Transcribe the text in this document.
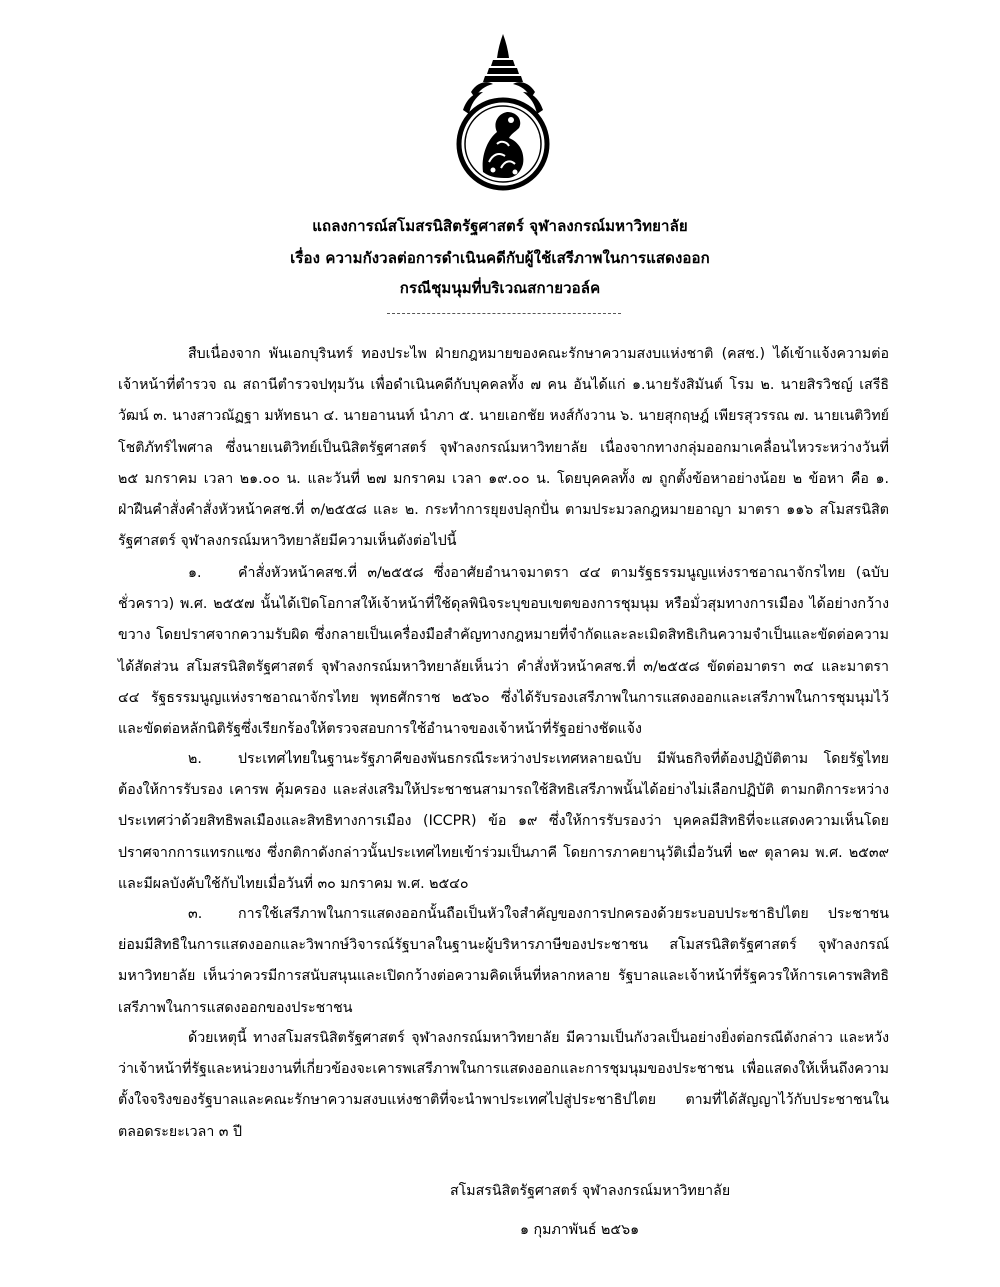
แถลงการณ์สโมสรนิสิตรัฐศาสตร์ จุฬาลงกรณ์มหาวิทยาลัย
เรื่อง ความกังวลต่อการดำเนินคดีกับผู้ใช้เสรีภาพในการแสดงออก
กรณีชุมนุมที่บริเวณสกายวอล์ค

สืบเนื่องจาก พันเอกบุรินทร์ ทองประไพ ฝ่ายกฎหมายของคณะรักษาความสงบแห่งชาติ (คสช.) ได้เข้าแจ้งความต่อเจ้าหน้าที่ตำรวจ ณ สถานีตำรวจปทุมวัน เพื่อดำเนินคดีกับบุคคลทั้ง ๗ คน อันได้แก่ ๑.นายรังสิมันต์ โรม ๒. นายสิรวิชญ์ เสรีธิวัฒน์ ๓. นางสาวณัฏฐา มหัทธนา ๔. นายอานนท์ นำภา ๕. นายเอกชัย หงส์กังวาน ๖. นายสุกฤษฎ์ เพียรสุวรรณ ๗. นายเนติวิทย์ โชติภัทร์ไพศาล ซึ่งนายเนติวิทย์เป็นนิสิตรัฐศาสตร์ จุฬาลงกรณ์มหาวิทยาลัย เนื่องจากทางกลุ่มออกมาเคลื่อนไหวระหว่างวันที่ ๒๕ มกราคม เวลา ๒๑.๐๐ น. และวันที่ ๒๗ มกราคม เวลา ๑๙.๐๐ น. โดยบุคคลทั้ง ๗ ถูกตั้งข้อหาอย่างน้อย ๒ ข้อหา คือ ๑. ฝ่าฝืนคำสั่งคำสั่งหัวหน้าคสช.ที่ ๓/๒๕๕๘ และ ๒. กระทำการยุยงปลุกปั่น ตามประมวลกฎหมายอาญา มาตรา ๑๑๖ สโมสรนิสิตรัฐศาสตร์ จุฬาลงกรณ์มหาวิทยาลัยมีความเห็นดังต่อไปนี้

๑.	คำสั่งหัวหน้าคสช.ที่ ๓/๒๕๕๘ ซึ่งอาศัยอำนาจมาตรา ๔๔ ตามรัฐธรรมนูญแห่งราชอาณาจักรไทย (ฉบับชั่วคราว) พ.ศ. ๒๕๕๗ นั้นได้เปิดโอกาสให้เจ้าหน้าที่ใช้ดุลพินิจระบุขอบเขตของการชุมนุม หรือมั่วสุมทางการเมือง ได้อย่างกว้างขวาง โดยปราศจากความรับผิด ซึ่งกลายเป็นเครื่องมือสำคัญทางกฎหมายที่จำกัดและละเมิดสิทธิเกินความจำเป็นและขัดต่อความได้สัดส่วน สโมสรนิสิตรัฐศาสตร์ จุฬาลงกรณ์มหาวิทยาลัยเห็นว่า คำสั่งหัวหน้าคสช.ที่ ๓/๒๕๕๘ ขัดต่อมาตรา ๓๔ และมาตรา ๔๔ รัฐธรรมนูญแห่งราชอาณาจักรไทย พุทธศักราช ๒๕๖๐ ซึ่งได้รับรองเสรีภาพในการแสดงออกและเสรีภาพในการชุมนุมไว้ และขัดต่อหลักนิติรัฐซึ่งเรียกร้องให้ตรวจสอบการใช้อำนาจของเจ้าหน้าที่รัฐอย่างชัดแจ้ง

๒.	ประเทศไทยในฐานะรัฐภาคีของพันธกรณีระหว่างประเทศหลายฉบับ มีพันธกิจที่ต้องปฏิบัติตาม โดยรัฐไทยต้องให้การรับรอง เคารพ คุ้มครอง และส่งเสริมให้ประชาชนสามารถใช้สิทธิเสรีภาพนั้นได้อย่างไม่เลือกปฏิบัติ ตามกติการะหว่างประเทศว่าด้วยสิทธิพลเมืองและสิทธิทางการเมือง (ICCPR) ข้อ ๑๙ ซึ่งให้การรับรองว่า บุคคลมีสิทธิที่จะแสดงความเห็นโดยปราศจากการแทรกแซง ซึ่งกติกาดังกล่าวนั้นประเทศไทยเข้าร่วมเป็นภาคี โดยการภาคยานุวัติเมื่อวันที่ ๒๙ ตุลาคม พ.ศ. ๒๕๓๙ และมีผลบังคับใช้กับไทยเมื่อวันที่ ๓๐ มกราคม พ.ศ. ๒๕๔๐

๓.	การใช้เสรีภาพในการแสดงออกนั้นถือเป็นหัวใจสำคัญของการปกครองด้วยระบอบประชาธิปไตย ประชาชนย่อมมีสิทธิในการแสดงออกและวิพากษ์วิจารณ์รัฐบาลในฐานะผู้บริหารภาษีของประชาชน สโมสรนิสิตรัฐศาสตร์ จุฬาลงกรณ์มหาวิทยาลัย เห็นว่าควรมีการสนับสนุนและเปิดกว้างต่อความคิดเห็นที่หลากหลาย รัฐบาลและเจ้าหน้าที่รัฐควรให้การเคารพสิทธิเสรีภาพในการแสดงออกของประชาชน

ด้วยเหตุนี้ ทางสโมสรนิสิตรัฐศาสตร์ จุฬาลงกรณ์มหาวิทยาลัย มีความเป็นกังวลเป็นอย่างยิ่งต่อกรณีดังกล่าว และหวังว่าเจ้าหน้าที่รัฐและหน่วยงานที่เกี่ยวข้องจะเคารพเสรีภาพในการแสดงออกและการชุมนุมของประชาชน เพื่อแสดงให้เห็นถึงความตั้งใจจริงของรัฐบาลและคณะรักษาความสงบแห่งชาติที่จะนำพาประเทศไปสู่ประชาธิปไตย ตามที่ได้สัญญาไว้กับประชาชนในตลอดระยะเวลา ๓ ปี

สโมสรนิสิตรัฐศาสตร์ จุฬาลงกรณ์มหาวิทยาลัย
๑ กุมภาพันธ์ ๒๕๖๑
